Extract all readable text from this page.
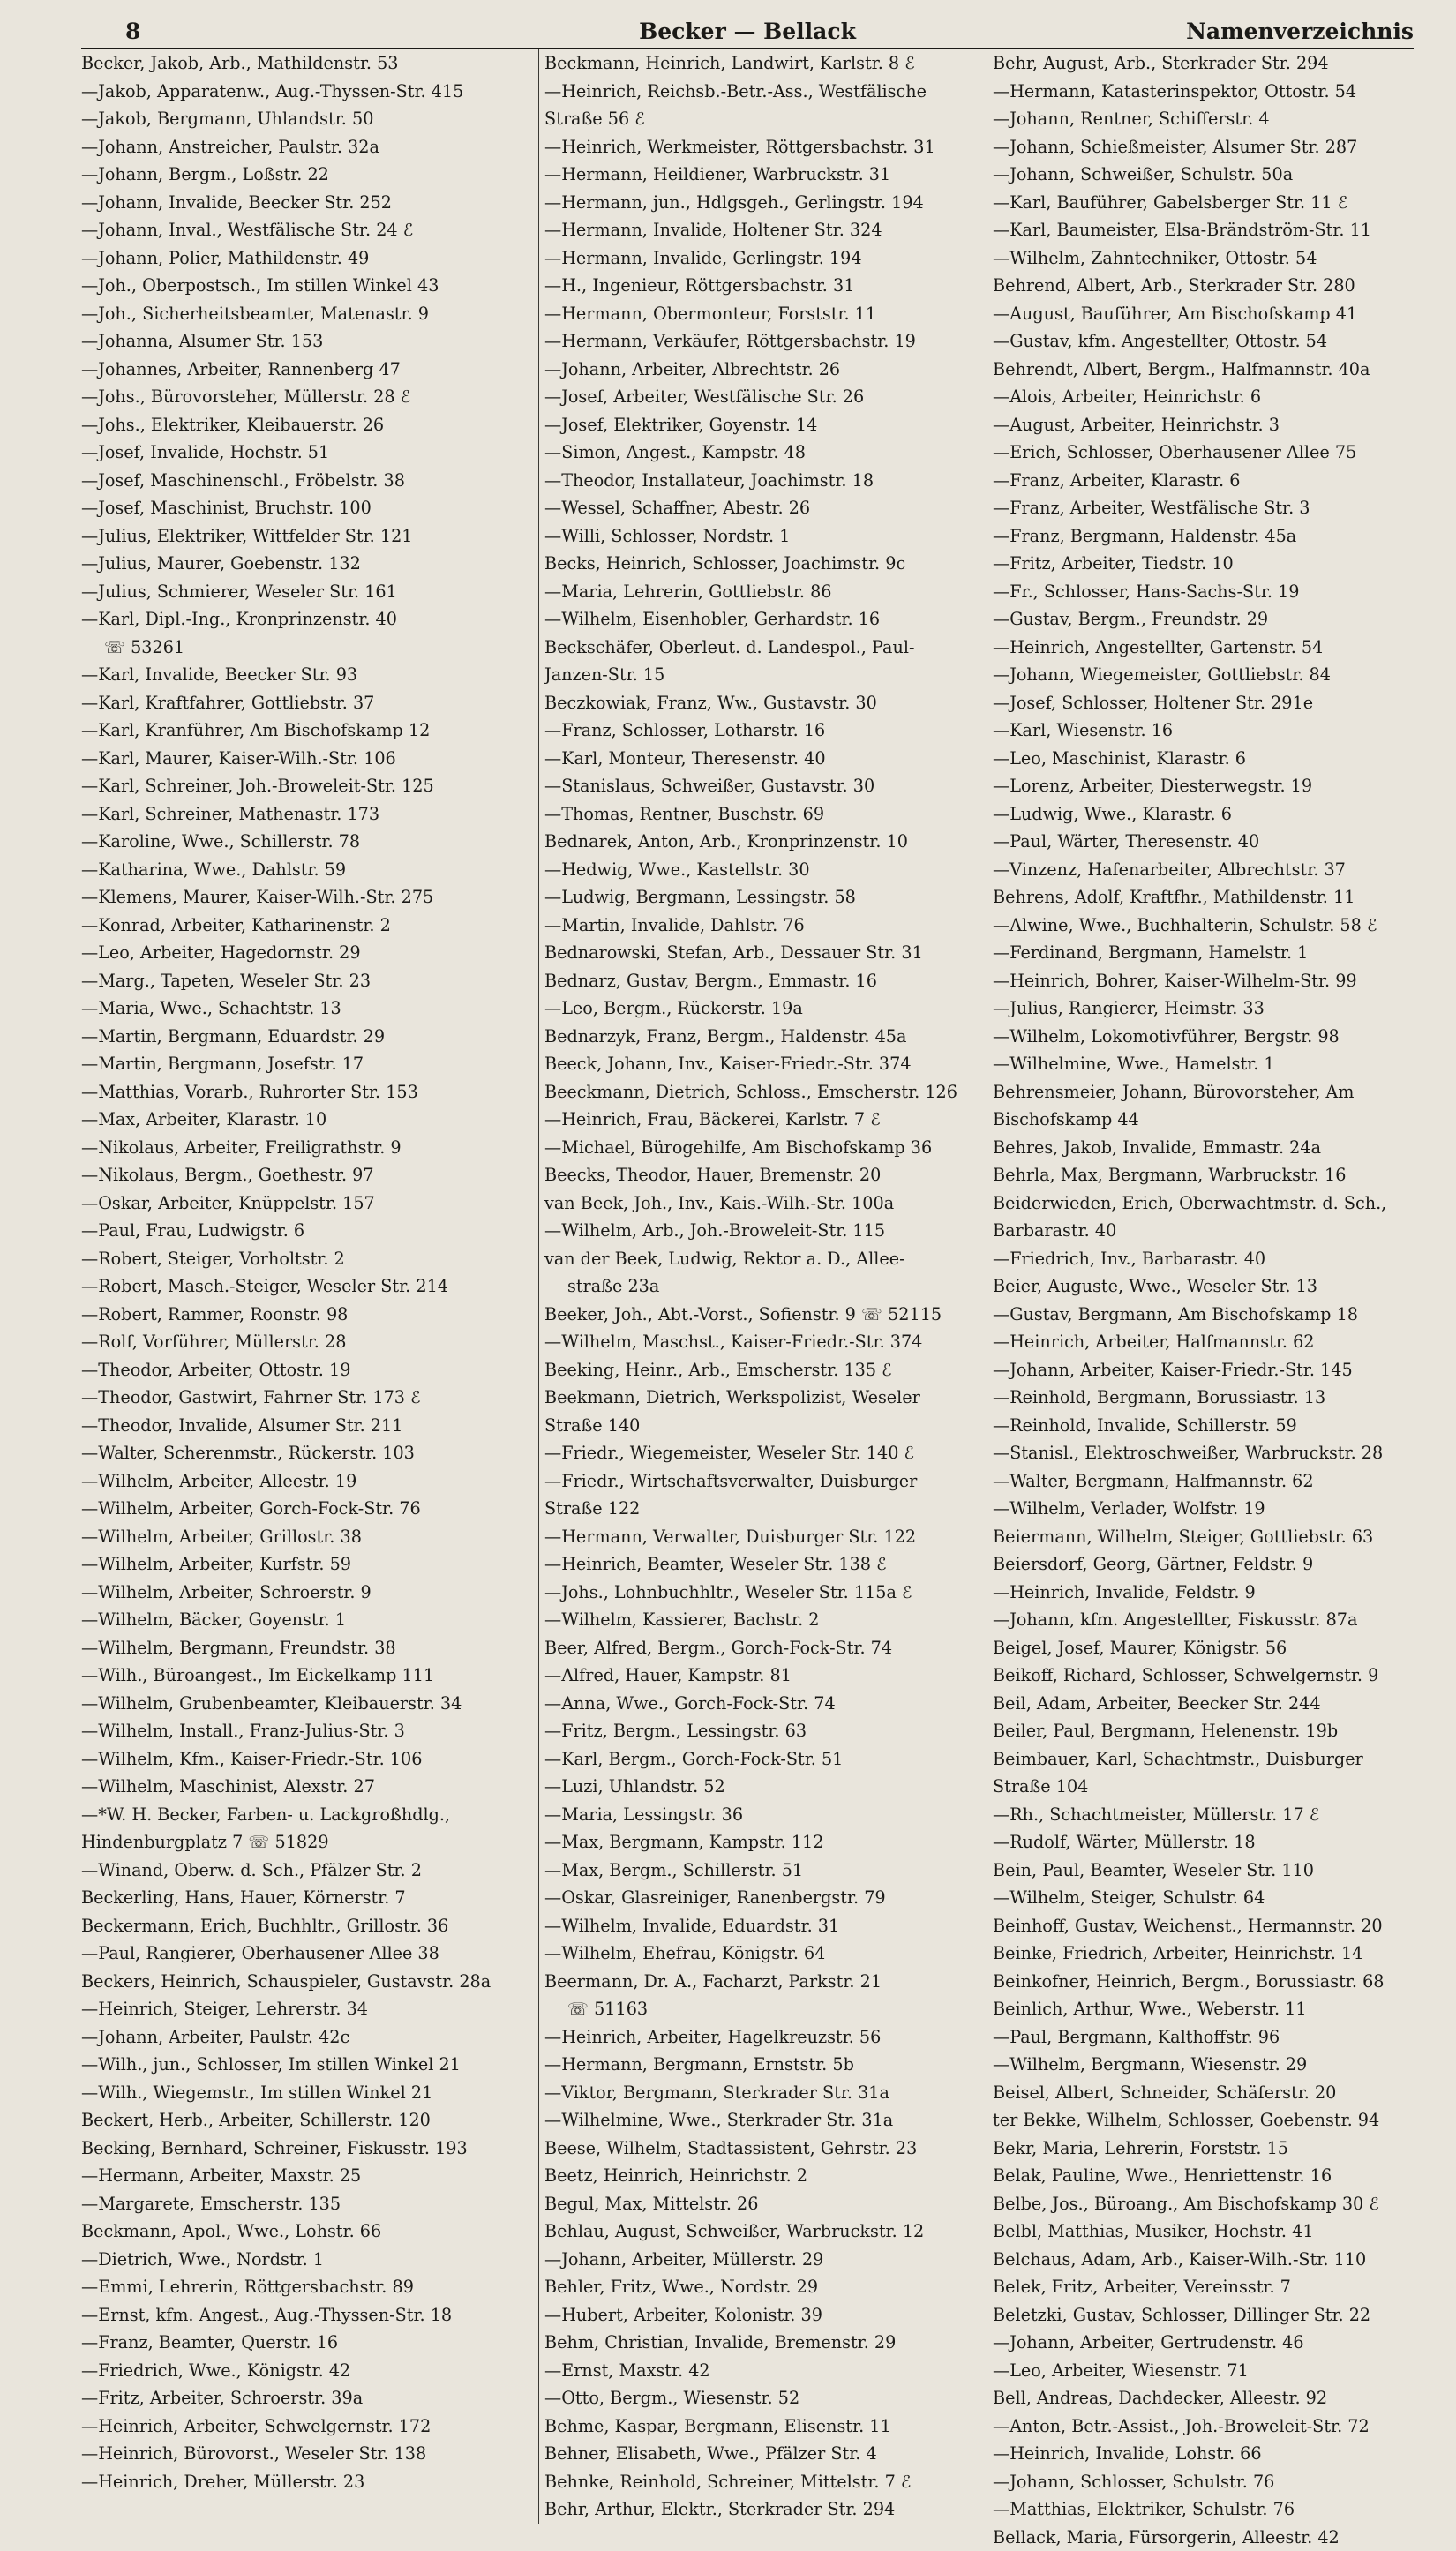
Becker — Bellack
8	Namenverzeichnis
Becker, Jakob, Arb., Mathildenstr. 53
—Jakob, Apparatenw., Aug.-Thyssen-Str. 415
—Jakob, Bergmann, Uhlandstr. 50
—Johann, Anstreicher, Paulstr. 32a
—Johann, Bergm., Loßstr. 22
—Johann, Invalide, Beecker Str. 252
—Johann, Inval., Westfälische Str. 24 ℰ
—Johann, Polier, Mathildenstr. 49
—Joh., Oberpostsch., Im stillen Winkel 43
—Joh., Sicherheitsbeamter, Matenastr. 9
—Johanna, Alsumer Str. 153
—Johannes, Arbeiter, Rannenberg 47
—Johs., Bürovorsteher, Müllerstr. 28 ℰ
—Johs., Elektriker, Kleibauerstr. 26
—Josef, Invalide, Hochstr. 51
—Josef, Maschinenschl., Fröbelstr. 38
—Josef, Maschinist, Bruchstr. 100
—Julius, Elektriker, Wittfelder Str. 121
—Julius, Maurer, Goebenstr. 132
—Julius, Schmierer, Weseler Str. 161
—Karl, Dipl.-Ing., Kronprinzenstr. 40
☏ 53261
—Karl, Invalide, Beecker Str. 93
—Karl, Kraftfahrer, Gottliebstr. 37
—Karl, Kranführer, Am Bischofskamp 12
—Karl, Maurer, Kaiser-Wilh.-Str. 106
—Karl, Schreiner, Joh.-Broweleit-Str. 125
—Karl, Schreiner, Mathenastr. 173
—Karoline, Wwe., Schillerstr. 78
—Katharina, Wwe., Dahlstr. 59
—Klemens, Maurer, Kaiser-Wilh.-Str. 275
—Konrad, Arbeiter, Katharinenstr. 2
—Leo, Arbeiter, Hagedornstr. 29
—Marg., Tapeten, Weseler Str. 23
—Maria, Wwe., Schachtstr. 13
—Martin, Bergmann, Eduardstr. 29
—Martin, Bergmann, Josefstr. 17
—Matthias, Vorarb., Ruhrorter Str. 153
—Max, Arbeiter, Klarastr. 10
—Nikolaus, Arbeiter, Freiligrathstr. 9
—Nikolaus, Bergm., Goethestr. 97
—Oskar, Arbeiter, Knüppelstr. 157
—Paul, Frau, Ludwigstr. 6
—Robert, Steiger, Vorholtstr. 2
—Robert, Masch.-Steiger, Weseler Str. 214
—Robert, Rammer, Roonstr. 98
—Rolf, Vorführer, Müllerstr. 28
—Theodor, Arbeiter, Ottostr. 19
—Theodor, Gastwirt, Fahrner Str. 173 ℰ
—Theodor, Invalide, Alsumer Str. 211
—Walter, Scherenmstr., Rückerstr. 103
—Wilhelm, Arbeiter, Alleestr. 19
—Wilhelm, Arbeiter, Gorch-Fock-Str. 76
—Wilhelm, Arbeiter, Grillostr. 38
—Wilhelm, Arbeiter, Kurfstr. 59
—Wilhelm, Arbeiter, Schroerstr. 9
—Wilhelm, Bäcker, Goyenstr. 1
—Wilhelm, Bergmann, Freundstr. 38
—Wilh., Büroangest., Im Eickelkamp 111
—Wilhelm, Grubenbeamter, Kleibauerstr. 34
—Wilhelm, Install., Franz-Julius-Str. 3
—Wilhelm, Kfm., Kaiser-Friedr.-Str. 106
—Wilhelm, Maschinist, Alexstr. 27
—*W. H. Becker, Farben- u. Lackgroßhdlg.,
Hindenburgplatz 7 ☏ 51829
—Winand, Oberw. d. Sch., Pfälzer Str. 2
Beckerling, Hans, Hauer, Körnerstr. 7
Beckermann, Erich, Buchhltr., Grillostr. 36
—Paul, Rangierer, Oberhausener Allee 38
Beckers, Heinrich, Schauspieler, Gustavstr. 28a
—Heinrich, Steiger, Lehrerstr. 34
—Johann, Arbeiter, Paulstr. 42c
—Wilh., jun., Schlosser, Im stillen Winkel 21
—Wilh., Wiegemstr., Im stillen Winkel 21
Beckert, Herb., Arbeiter, Schillerstr. 120
Becking, Bernhard, Schreiner, Fiskusstr. 193
—Hermann, Arbeiter, Maxstr. 25
—Margarete, Emscherstr. 135
Beckmann, Apol., Wwe., Lohstr. 66
—Dietrich, Wwe., Nordstr. 1
—Emmi, Lehrerin, Röttgersbachstr. 89
—Ernst, kfm. Angest., Aug.-Thyssen-Str. 18
—Franz, Beamter, Querstr. 16
—Friedrich, Wwe., Königstr. 42
—Fritz, Arbeiter, Schroerstr. 39a
—Heinrich, Arbeiter, Schwelgernstr. 172
—Heinrich, Bürovorst., Weseler Str. 138
—Heinrich, Dreher, Müllerstr. 23
Beckmann, Heinrich, Landwirt, Karlstr. 8 ℰ
—Heinrich, Reichsb.-Betr.-Ass., Westfälische
Straße 56 ℰ
—Heinrich, Werkmeister, Röttgersbachstr. 31
—Hermann, Heildiener, Warbruckstr. 31
—Hermann, jun., Hdlgsgeh., Gerlingstr. 194
—Hermann, Invalide, Holtener Str. 324
—Hermann, Invalide, Gerlingstr. 194
—H., Ingenieur, Röttgersbachstr. 31
—Hermann, Obermonteur, Forststr. 11
—Hermann, Verkäufer, Röttgersbachstr. 19
—Johann, Arbeiter, Albrechtstr. 26
—Josef, Arbeiter, Westfälische Str. 26
—Josef, Elektriker, Goyenstr. 14
—Simon, Angest., Kampstr. 48
—Theodor, Installateur, Joachimstr. 18
—Wessel, Schaffner, Abestr. 26
—Willi, Schlosser, Nordstr. 1
Becks, Heinrich, Schlosser, Joachimstr. 9c
—Maria, Lehrerin, Gottliebstr. 86
—Wilhelm, Eisenhobler, Gerhardstr. 16
Beckschäfer, Oberleut. d. Landespol., Paul-
Janzen-Str. 15
Beczkowiak, Franz, Ww., Gustavstr. 30
—Franz, Schlosser, Lotharstr. 16
—Karl, Monteur, Theresenstr. 40
—Stanislaus, Schweißer, Gustavstr. 30
—Thomas, Rentner, Buschstr. 69
Bednarek, Anton, Arb., Kronprinzenstr. 10
—Hedwig, Wwe., Kastellstr. 30
—Ludwig, Bergmann, Lessingstr. 58
—Martin, Invalide, Dahlstr. 76
Bednarowski, Stefan, Arb., Dessauer Str. 31
Bednarz, Gustav, Bergm., Emmastr. 16
—Leo, Bergm., Rückerstr. 19a
Bednarzyk, Franz, Bergm., Haldenstr. 45a
Beeck, Johann, Inv., Kaiser-Friedr.-Str. 374
Beeckmann, Dietrich, Schloss., Emscherstr. 126
—Heinrich, Frau, Bäckerei, Karlstr. 7 ℰ
—Michael, Bürogehilfe, Am Bischofskamp 36
Beecks, Theodor, Hauer, Bremenstr. 20
van Beek, Joh., Inv., Kais.-Wilh.-Str. 100a
—Wilhelm, Arb., Joh.-Broweleit-Str. 115
van der Beek, Ludwig, Rektor a. D., Allee-
straße 23a
Beeker, Joh., Abt.-Vorst., Sofienstr. 9 ☏ 52115
—Wilhelm, Maschst., Kaiser-Friedr.-Str. 374
Beeking, Heinr., Arb., Emscherstr. 135 ℰ
Beekmann, Dietrich, Werkspolizist, Weseler
Straße 140
—Friedr., Wiegemeister, Weseler Str. 140 ℰ
—Friedr., Wirtschaftsverwalter, Duisburger
Straße 122
—Hermann, Verwalter, Duisburger Str. 122
—Heinrich, Beamter, Weseler Str. 138 ℰ
—Johs., Lohnbuchhltr., Weseler Str. 115a ℰ
—Wilhelm, Kassierer, Bachstr. 2
Beer, Alfred, Bergm., Gorch-Fock-Str. 74
—Alfred, Hauer, Kampstr. 81
—Anna, Wwe., Gorch-Fock-Str. 74
—Fritz, Bergm., Lessingstr. 63
—Karl, Bergm., Gorch-Fock-Str. 51
—Luzi, Uhlandstr. 52
—Maria, Lessingstr. 36
—Max, Bergmann, Kampstr. 112
—Max, Bergm., Schillerstr. 51
—Oskar, Glasreiniger, Ranenbergstr. 79
—Wilhelm, Invalide, Eduardstr. 31
—Wilhelm, Ehefrau, Königstr. 64
Beermann, Dr. A., Facharzt, Parkstr. 21
☏ 51163
—Heinrich, Arbeiter, Hagelkreuzstr. 56
—Hermann, Bergmann, Ernststr. 5b
—Viktor, Bergmann, Sterkrader Str. 31a
—Wilhelmine, Wwe., Sterkrader Str. 31a
Beese, Wilhelm, Stadtassistent, Gehrstr. 23
Beetz, Heinrich, Heinrichstr. 2
Begul, Max, Mittelstr. 26
Behlau, August, Schweißer, Warbruckstr. 12
—Johann, Arbeiter, Müllerstr. 29
Behler, Fritz, Wwe., Nordstr. 29
—Hubert, Arbeiter, Kolonistr. 39
Behm, Christian, Invalide, Bremenstr. 29
—Ernst, Maxstr. 42
—Otto, Bergm., Wiesenstr. 52
Behme, Kaspar, Bergmann, Elisenstr. 11
Behner, Elisabeth, Wwe., Pfälzer Str. 4
Behnke, Reinhold, Schreiner, Mittelstr. 7 ℰ
Behr, Arthur, Elektr., Sterkrader Str. 294
Behr, August, Arb., Sterkrader Str. 294
—Hermann, Katasterinspektor, Ottostr. 54
—Johann, Rentner, Schifferstr. 4
—Johann, Schießmeister, Alsumer Str. 287
—Johann, Schweißer, Schulstr. 50a
—Karl, Bauführer, Gabelsberger Str. 11 ℰ
—Karl, Baumeister, Elsa-Brändström-Str. 11
—Wilhelm, Zahntechniker, Ottostr. 54
Behrend, Albert, Arb., Sterkrader Str. 280
—August, Bauführer, Am Bischofskamp 41
—Gustav, kfm. Angestellter, Ottostr. 54
Behrendt, Albert, Bergm., Halfmannstr. 40a
—Alois, Arbeiter, Heinrichstr. 6
—August, Arbeiter, Heinrichstr. 3
—Erich, Schlosser, Oberhausener Allee 75
—Franz, Arbeiter, Klarastr. 6
—Franz, Arbeiter, Westfälische Str. 3
—Franz, Bergmann, Haldenstr. 45a
—Fritz, Arbeiter, Tiedstr. 10
—Fr., Schlosser, Hans-Sachs-Str. 19
—Gustav, Bergm., Freundstr. 29
—Heinrich, Angestellter, Gartenstr. 54
—Johann, Wiegemeister, Gottliebstr. 84
—Josef, Schlosser, Holtener Str. 291e
—Karl, Wiesenstr. 16
—Leo, Maschinist, Klarastr. 6
—Lorenz, Arbeiter, Diesterwegstr. 19
—Ludwig, Wwe., Klarastr. 6
—Paul, Wärter, Theresenstr. 40
—Vinzenz, Hafenarbeiter, Albrechtstr. 37
Behrens, Adolf, Kraftfhr., Mathildenstr. 11
—Alwine, Wwe., Buchhalterin, Schulstr. 58 ℰ
—Ferdinand, Bergmann, Hamelstr. 1
—Heinrich, Bohrer, Kaiser-Wilhelm-Str. 99
—Julius, Rangierer, Heimstr. 33
—Wilhelm, Lokomotivführer, Bergstr. 98
—Wilhelmine, Wwe., Hamelstr. 1
Behrensmeier, Johann, Bürovorsteher, Am
Bischofskamp 44
Behres, Jakob, Invalide, Emmastr. 24a
Behrla, Max, Bergmann, Warbruckstr. 16
Beiderwieden, Erich, Oberwachtmstr. d. Sch.,
Barbarastr. 40
—Friedrich, Inv., Barbarastr. 40
Beier, Auguste, Wwe., Weseler Str. 13
—Gustav, Bergmann, Am Bischofskamp 18
—Heinrich, Arbeiter, Halfmannstr. 62
—Johann, Arbeiter, Kaiser-Friedr.-Str. 145
—Reinhold, Bergmann, Borussiastr. 13
—Reinhold, Invalide, Schillerstr. 59
—Stanisl., Elektroschweißer, Warbruckstr. 28
—Walter, Bergmann, Halfmannstr. 62
—Wilhelm, Verlader, Wolfstr. 19
Beiermann, Wilhelm, Steiger, Gottliebstr. 63
Beiersdorf, Georg, Gärtner, Feldstr. 9
—Heinrich, Invalide, Feldstr. 9
—Johann, kfm. Angestellter, Fiskusstr. 87a
Beigel, Josef, Maurer, Königstr. 56
Beikoff, Richard, Schlosser, Schwelgernstr. 9
Beil, Adam, Arbeiter, Beecker Str. 244
Beiler, Paul, Bergmann, Helenenstr. 19b
Beimbauer, Karl, Schachtmstr., Duisburger
Straße 104
—Rh., Schachtmeister, Müllerstr. 17 ℰ
—Rudolf, Wärter, Müllerstr. 18
Bein, Paul, Beamter, Weseler Str. 110
—Wilhelm, Steiger, Schulstr. 64
Beinhoff, Gustav, Weichenst., Hermannstr. 20
Beinke, Friedrich, Arbeiter, Heinrichstr. 14
Beinkofner, Heinrich, Bergm., Borussiastr. 68
Beinlich, Arthur, Wwe., Weberstr. 11
—Paul, Bergmann, Kalthoffstr. 96
—Wilhelm, Bergmann, Wiesenstr. 29
Beisel, Albert, Schneider, Schäferstr. 20
ter Bekke, Wilhelm, Schlosser, Goebenstr. 94
Bekr, Maria, Lehrerin, Forststr. 15
Belak, Pauline, Wwe., Henriettenstr. 16
Belbe, Jos., Büroang., Am Bischofskamp 30 ℰ
Belbl, Matthias, Musiker, Hochstr. 41
Belchaus, Adam, Arb., Kaiser-Wilh.-Str. 110
Belek, Fritz, Arbeiter, Vereinsstr. 7
Beletzki, Gustav, Schlosser, Dillinger Str. 22
—Johann, Arbeiter, Gertrudenstr. 46
—Leo, Arbeiter, Wiesenstr. 71
Bell, Andreas, Dachdecker, Alleestr. 92
—Anton, Betr.-Assist., Joh.-Broweleit-Str. 72
—Heinrich, Invalide, Lohstr. 66
—Johann, Schlosser, Schulstr. 76
—Matthias, Elektriker, Schulstr. 76
Bellack, Maria, Fürsorgerin, Alleestr. 42
